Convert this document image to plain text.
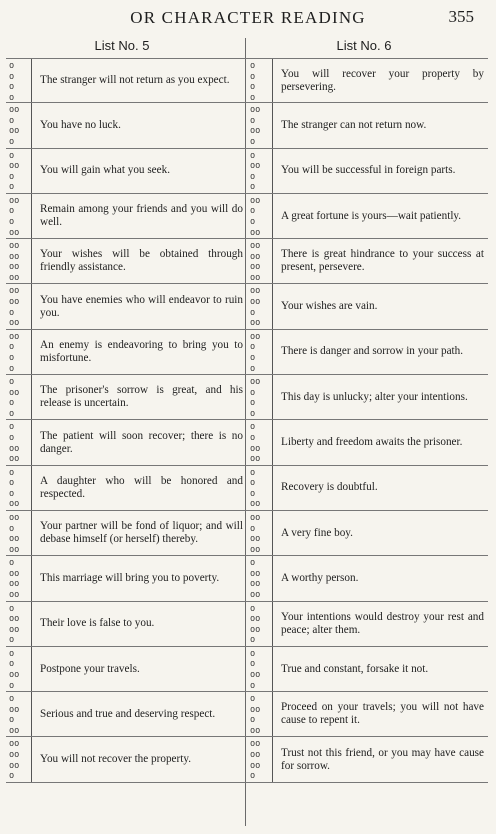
OR CHARACTER READING	355
List No. 5	List No. 6
o
o
o
o
The stranger will not return as you expect.
o
o
o
o
You will recover your property by persevering.
oo
o
oo
o
You have no luck.
oo
o
oo
o
The stranger can not return now.
o
oo
o
o
You will gain what you seek.
o
oo
o
o
You will be successful in foreign parts.
oo
o
o
oo
Remain among your friends and you will do well.
oo
o
o
oo
A great fortune is yours—wait patiently.
oo
oo
oo
oo
Your wishes will be obtained through friendly assistance.
oo
oo
oo
oo
There is great hindrance to your success at present, persevere.
oo
oo
o
oo
You have enemies who will endeavor to ruin you.
oo
oo
o
oo
Your wishes are vain.
oo
o
o
o
An enemy is endeavoring to bring you to misfortune.
oo
o
o
o
There is danger and sorrow in your path.
o
oo
o
o
The prisoner's sorrow is great, and his release is uncertain.
oo
o
o
o
This day is unlucky; alter your intentions.
o
o
oo
oo
The patient will soon recover; there is no danger.
o
o
oo
oo
Liberty and freedom awaits the prisoner.
o
o
o
oo
A daughter who will be honored and respected.
o
o
o
oo
Recovery is doubtful.
oo
o
oo
oo
Your partner will be fond of liquor; and will debase himself (or herself) thereby.
oo
o
oo
oo
A very fine boy.
o
oo
oo
oo
This marriage will bring you to poverty.
o
oo
oo
oo
A worthy person.
o
oo
oo
o
Their love is false to you.
o
oo
oo
o
Your intentions would destroy your rest and peace; alter them.
o
o
oo
o
Postpone your travels.
o
o
oo
o
True and constant, forsake it not.
o
oo
o
oo
Serious and true and deserving respect.
o
oo
o
oo
Proceed on your travels; you will not have cause to repent it.
oo
oo
oo
o
You will not recover the property.
oo
oo
oo
o
Trust not this friend, or you may have cause for sorrow.
